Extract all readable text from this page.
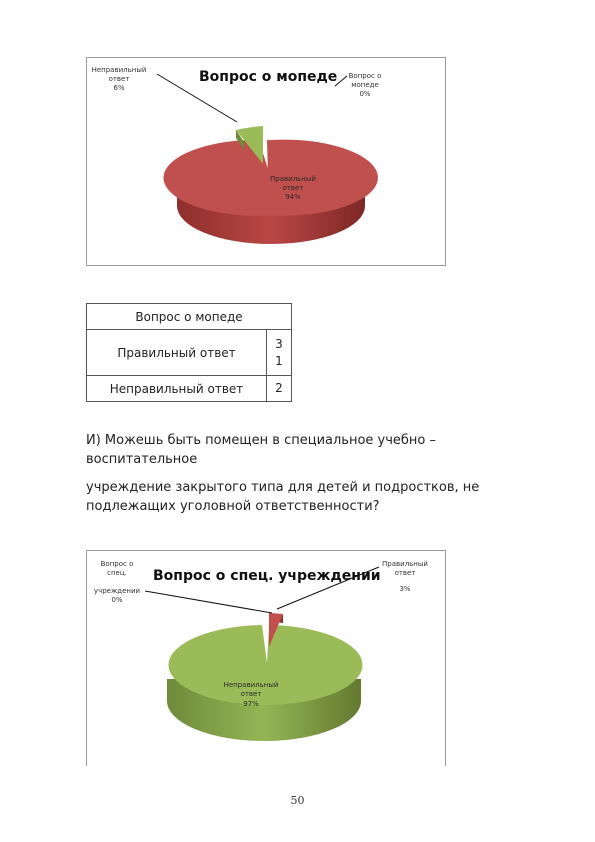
Вопрос о мопеде
Неправильный
ответ
6%
Вопрос о
мопеде
0%
Правильный
ответ
94%
Вопрос о мопеде	
Правильный ответ	3
1

Неправильный ответ	2
И) Можешь быть помещен в специальное учебно – воспитательное
учреждение закрытого типа для детей и подростков, не подлежащих уголовной ответственности?
Вопрос о спец. учреждении
Вопрос о
спец.
учреждении
0%
Правильный
ответ
3%
Неправильный
ответ
97%
50
